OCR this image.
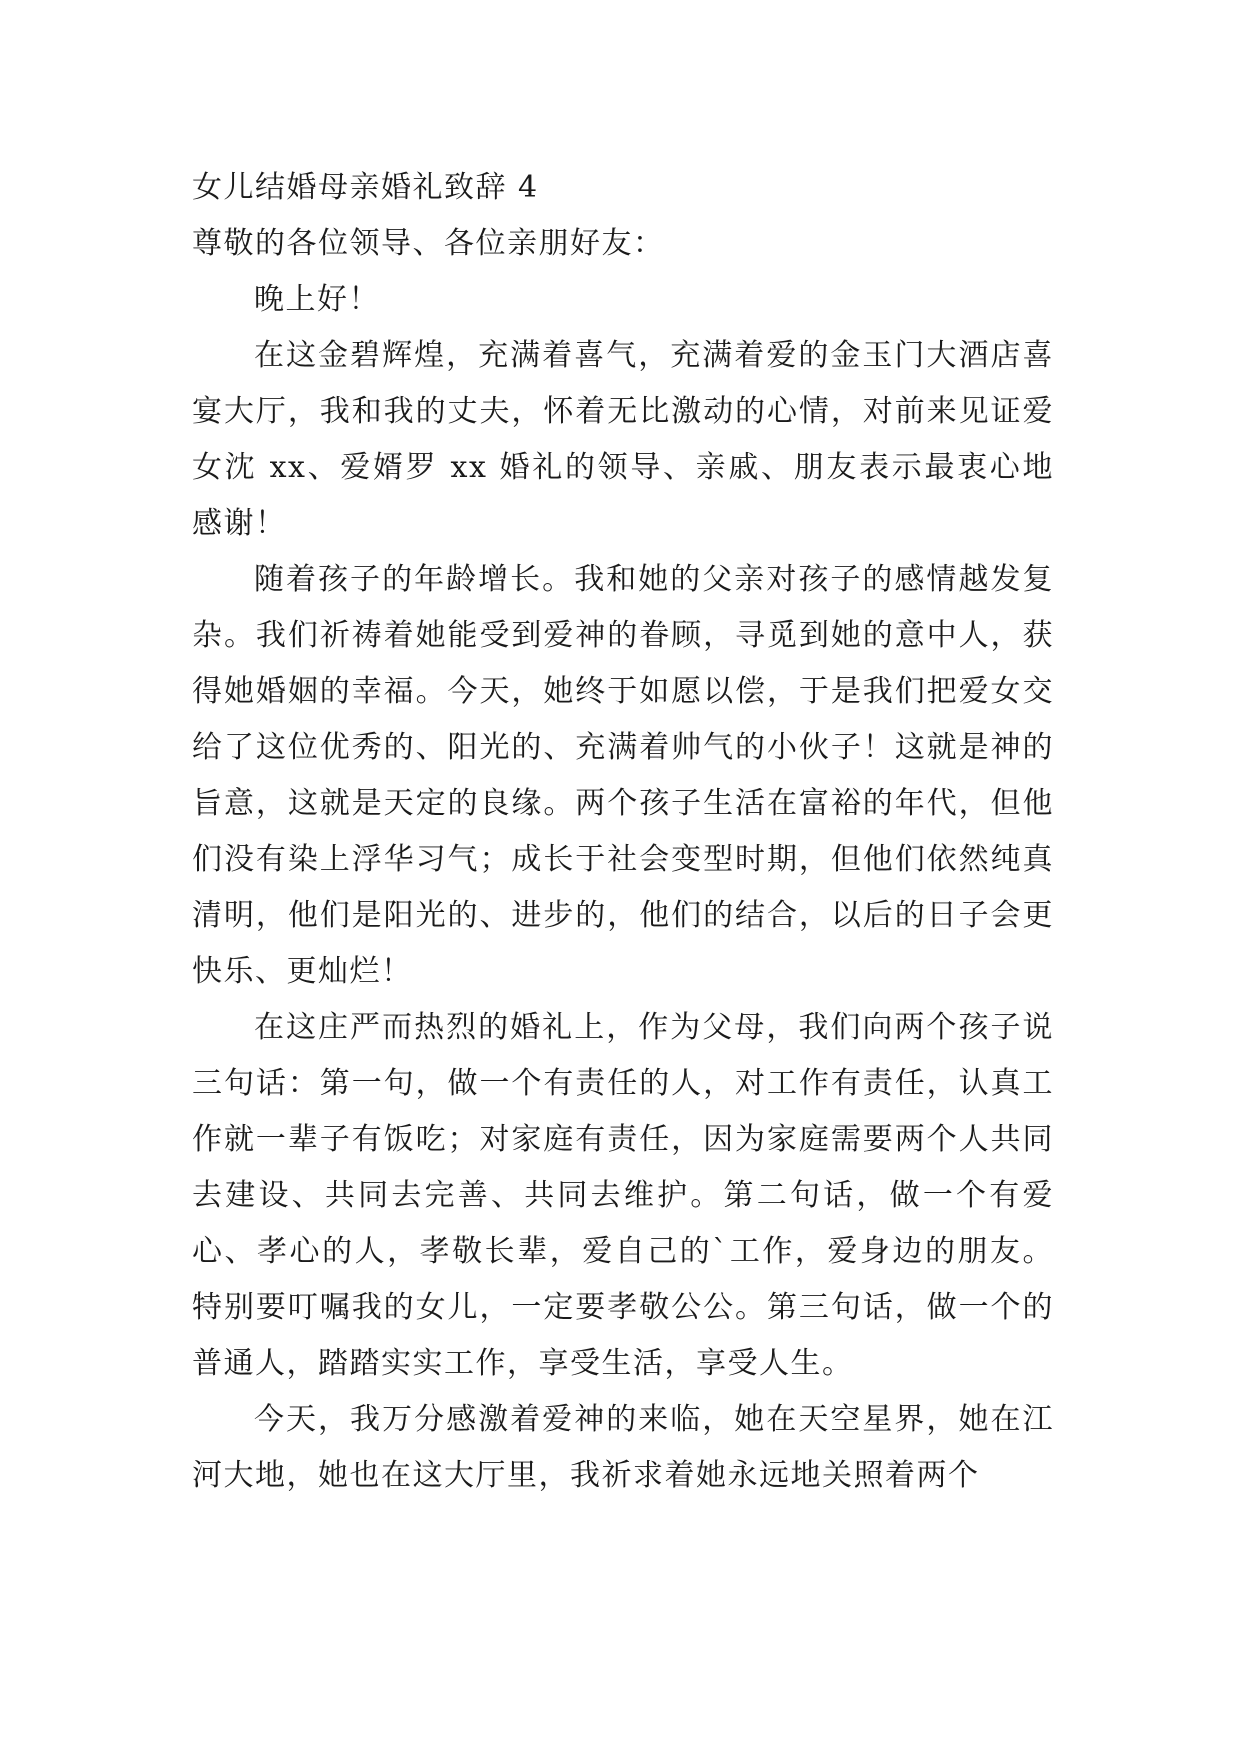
女儿结婚母亲婚礼致辞 4

尊敬的各位领导、各位亲朋好友：

晚上好！

在这金碧辉煌，充满着喜气，充满着爱的金玉门大酒店喜宴大厅，我和我的丈夫，怀着无比激动的心情，对前来见证爱女沈 xx、爱婿罗 xx 婚礼的领导、亲戚、朋友表示最衷心地感谢！

随着孩子的年龄增长。我和她的父亲对孩子的感情越发复杂。我们祈祷着她能受到爱神的眷顾，寻觅到她的意中人，获得她婚姻的幸福。今天，她终于如愿以偿，于是我们把爱女交给了这位优秀的、阳光的、充满着帅气的小伙子！这就是神的旨意，这就是天定的良缘。两个孩子生活在富裕的年代，但他们没有染上浮华习气；成长于社会变型时期，但他们依然纯真清明，他们是阳光的、进步的，他们的结合，以后的日子会更快乐、更灿烂！

在这庄严而热烈的婚礼上，作为父母，我们向两个孩子说三句话：第一句，做一个有责任的人，对工作有责任，认真工作就一辈子有饭吃；对家庭有责任，因为家庭需要两个人共同去建设、共同去完善、共同去维护。第二句话，做一个有爱心、孝心的人，孝敬长辈，爱自己的`工作，爱身边的朋友。特别要叮嘱我的女儿，一定要孝敬公公。第三句话，做一个的普通人，踏踏实实工作，享受生活，享受人生。

今天，我万分感激着爱神的来临，她在天空星界，她在江河大地，她也在这大厅里，我祈求着她永远地关照着两个
